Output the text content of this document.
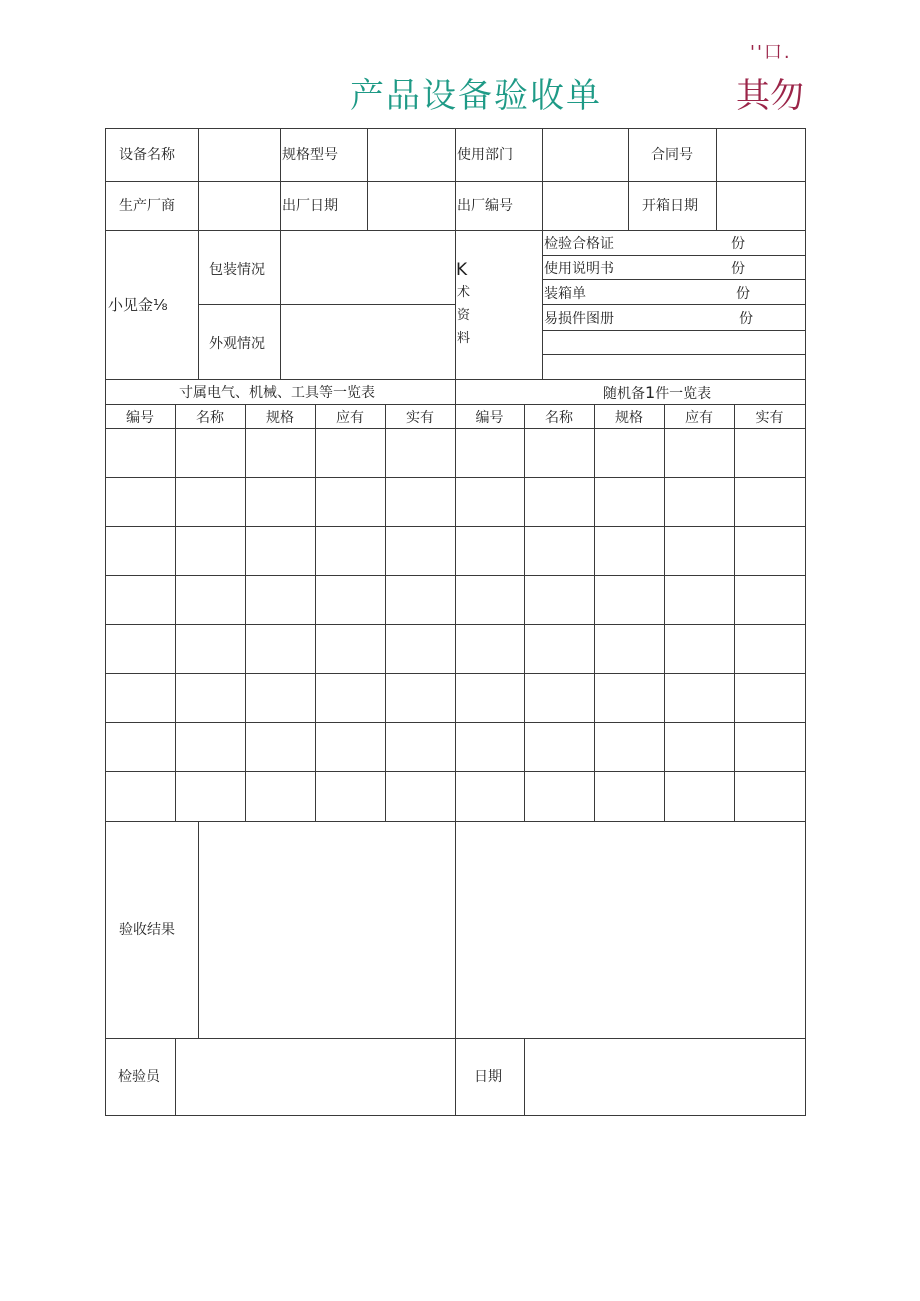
''口.
产品设备验收单	其勿
设备名称	规格型号	使用部门	合同号
生产厂商	出厂日期	出厂编号	开箱日期
小见金⅛
包装情况
外观情况
K
术
资
料
检验合格证	份
使用说明书	份
装箱单	份
易损件图册	份
寸属电气、机械、工具等一览表	随机备1件一览表
编号	名称	规格	应有	实有	编号	名称	规格	应有	实有
验收结果
检验员	日期
